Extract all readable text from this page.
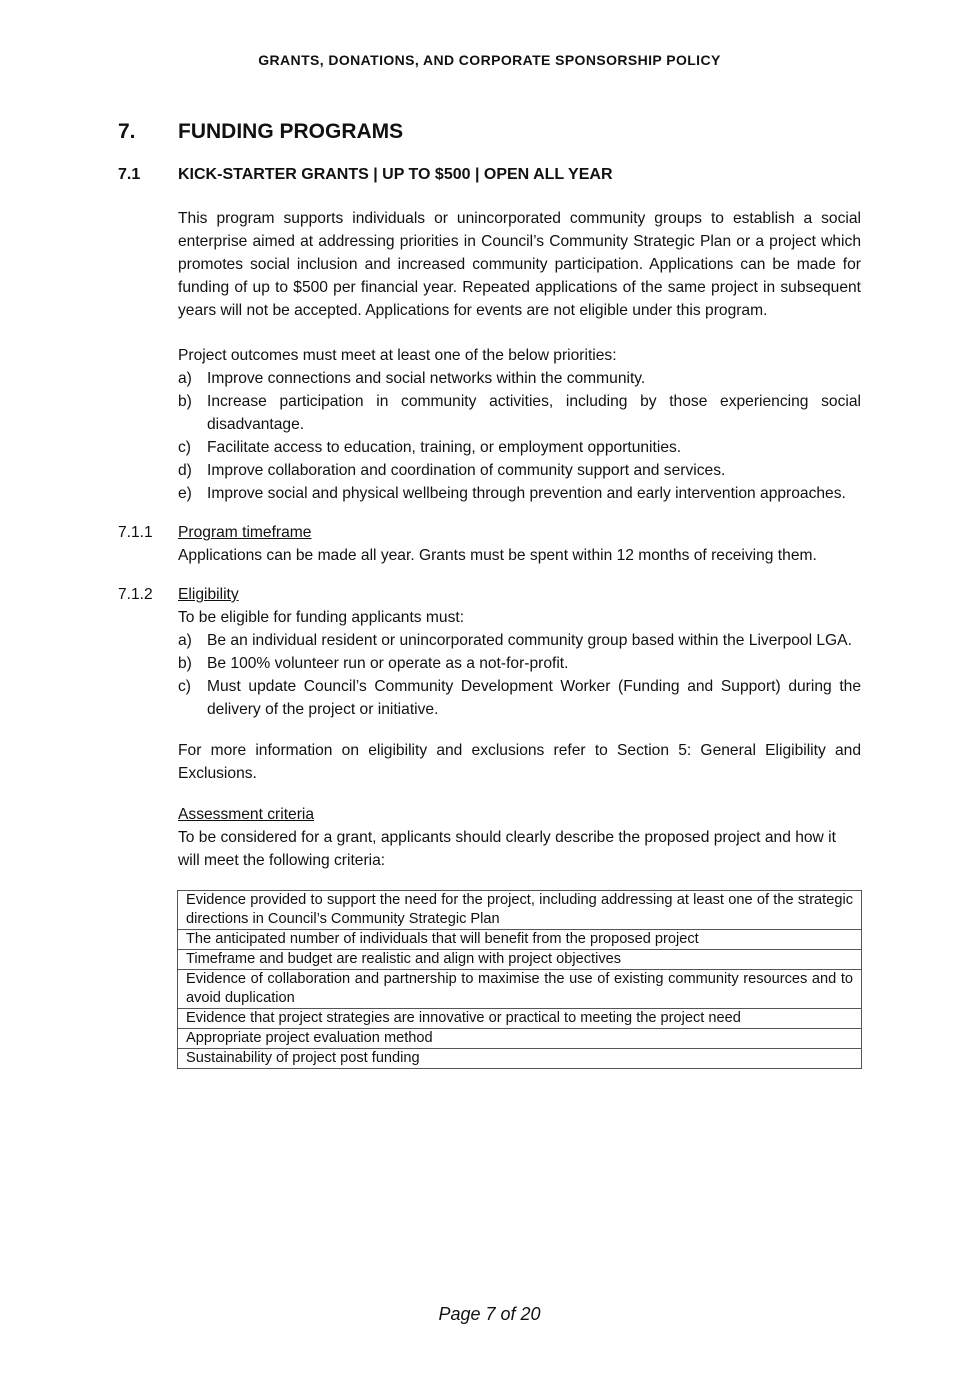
GRANTS, DONATIONS, AND CORPORATE SPONSORSHIP POLICY
7.	FUNDING PROGRAMS
7.1	KICK-STARTER GRANTS | UP TO $500 | OPEN ALL YEAR

This program supports individuals or unincorporated community groups to establish a social enterprise aimed at addressing priorities in Council’s Community Strategic Plan or a project which promotes social inclusion and increased community participation. Applications can be made for funding of up to $500 per financial year. Repeated applications of the same project in subsequent years will not be accepted. Applications for events are not eligible under this program.

Project outcomes must meet at least one of the below priorities:

a) Improve connections and social networks within the community.
b) Increase participation in community activities, including by those experiencing social disadvantage.
c)	Facilitate access to education, training, or employment opportunities.
d) Improve collaboration and coordination of community support and services.
e) Improve social and physical wellbeing through prevention and early intervention approaches.
7.1.1	Program timeframe

Applications can be made all year. Grants must be spent within 12 months of receiving them.

7.1.2	Eligibility

To be eligible for funding applicants must:

a) Be an individual resident or unincorporated community group based within the Liverpool LGA.
b) Be 100% volunteer run or operate as a not-for-profit.
c)	Must update Council’s Community Development Worker (Funding and Support) during the delivery of the project or initiative.

For more information on eligibility and exclusions refer to Section 5: General Eligibility and Exclusions.

Assessment criteria

To be considered for a grant, applicants should clearly describe the proposed project and how it will meet the following criteria:

Evidence provided to support the need for the project, including addressing at least one of the strategic directions in Council’s Community Strategic Plan
The anticipated number of individuals that will benefit from the proposed project
Timeframe and budget are realistic and align with project objectives
Evidence of collaboration and partnership to maximise the use of existing community resources and to avoid duplication
Evidence that project strategies are innovative or practical to meeting the project need
Appropriate project evaluation method
Sustainability of project post funding
Page 7 of 20
